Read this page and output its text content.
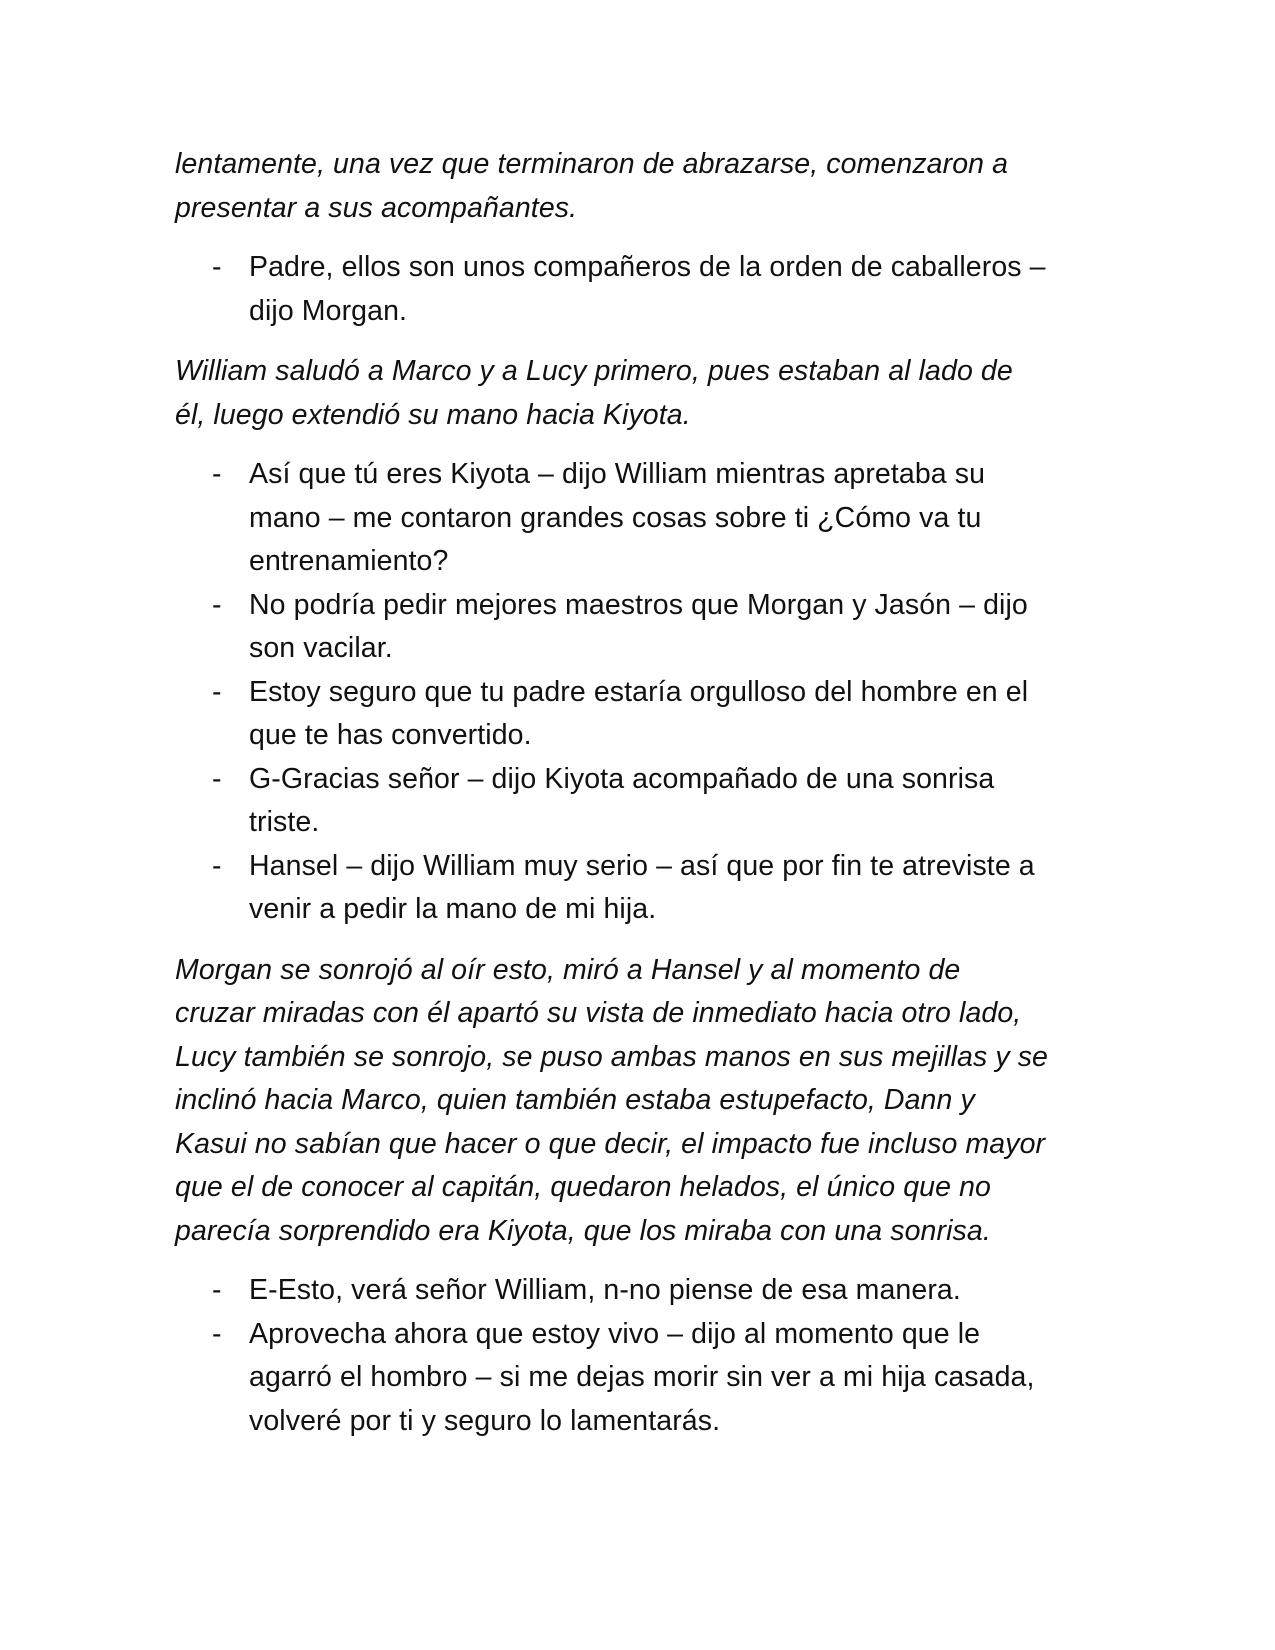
lentamente, una vez que terminaron de abrazarse, comenzaron a
presentar a sus acompañantes.

- Padre, ellos son unos compañeros de la orden de caballeros –
dijo Morgan.

William saludó a Marco y a Lucy primero, pues estaban al lado de
él, luego extendió su mano hacia Kiyota.

- Así que tú eres Kiyota – dijo William mientras apretaba su
mano – me contaron grandes cosas sobre ti ¿Cómo va tu
entrenamiento?
- No podría pedir mejores maestros que Morgan y Jasón – dijo
son vacilar.
- Estoy seguro que tu padre estaría orgulloso del hombre en el
que te has convertido.
- G-Gracias señor – dijo Kiyota acompañado de una sonrisa
triste.
- Hansel – dijo William muy serio – así que por fin te atreviste a
venir a pedir la mano de mi hija.

Morgan se sonrojó al oír esto, miró a Hansel y al momento de
cruzar miradas con él apartó su vista de inmediato hacia otro lado,
Lucy también se sonrojo, se puso ambas manos en sus mejillas y se
inclinó hacia Marco, quien también estaba estupefacto, Dann y
Kasui no sabían que hacer o que decir, el impacto fue incluso mayor
que el de conocer al capitán, quedaron helados, el único que no
parecía sorprendido era Kiyota, que los miraba con una sonrisa.

- E-Esto, verá señor William, n-no piense de esa manera.
- Aprovecha ahora que estoy vivo – dijo al momento que le
agarró el hombro – si me dejas morir sin ver a mi hija casada,
volveré por ti y seguro lo lamentarás.
